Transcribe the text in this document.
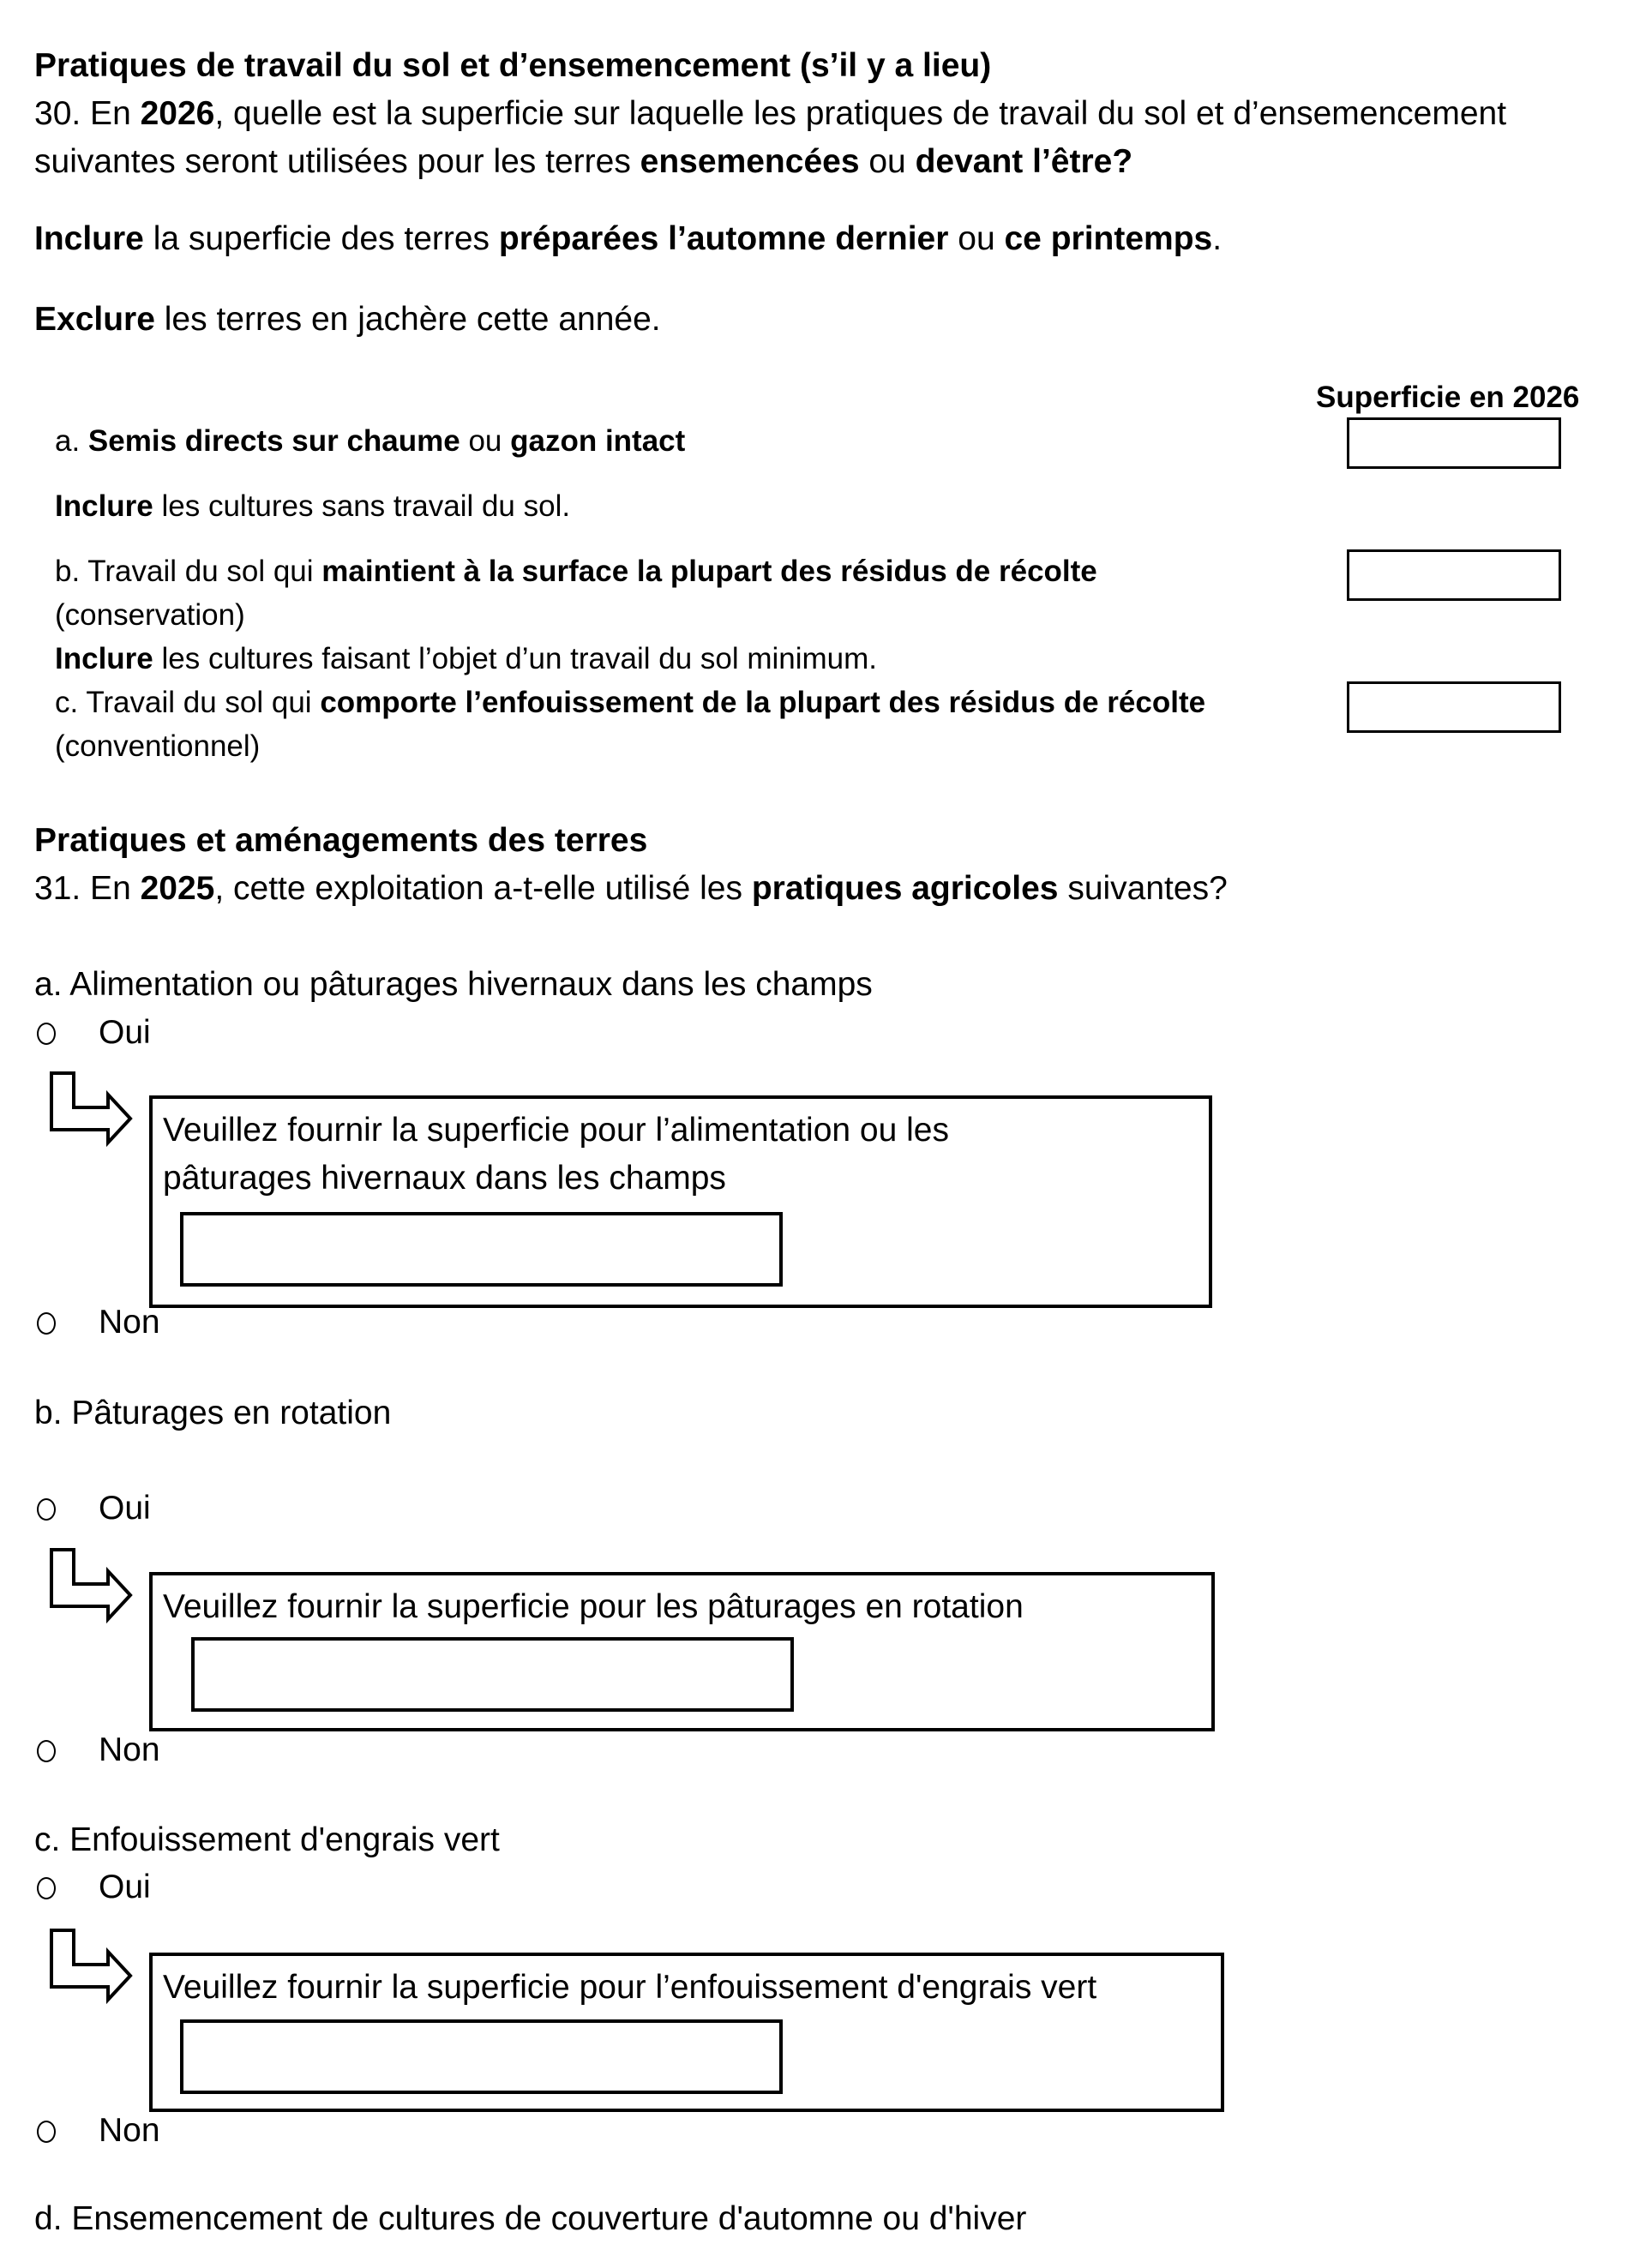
Pratiques de travail du sol et d’ensemencement (s’il y a lieu)

30. En 2026, quelle est la superficie sur laquelle les pratiques de travail du sol et d’ensemencement

suivantes seront utilisées pour les terres ensemencées ou devant l’être?

Inclure la superficie des terres préparées l’automne dernier ou ce printemps.

Exclure les terres en jachère cette année.

Superficie en 2026

a. Semis directs sur chaume ou gazon intact

Inclure les cultures sans travail du sol.

b. Travail du sol qui maintient à la surface la plupart des résidus de récolte

(conservation)

Inclure les cultures faisant l’objet d’un travail du sol minimum.

c. Travail du sol qui comporte l’enfouissement de la plupart des résidus de récolte

(conventionnel)

Pratiques et aménagements des terres

31. En 2025, cette exploitation a-t-elle utilisé les pratiques agricoles suivantes?

a. Alimentation ou pâturages hivernaux dans les champs

Oui

Veuillez fournir la superficie pour l’alimentation ou les

pâturages hivernaux dans les champs

Non

b. Pâturages en rotation

Oui

Veuillez fournir la superficie pour les pâturages en rotation

Non

c. Enfouissement d'engrais vert

Oui

Veuillez fournir la superficie pour l’enfouissement d'engrais vert

Non

d. Ensemencement de cultures de couverture d'automne ou d'hiver
